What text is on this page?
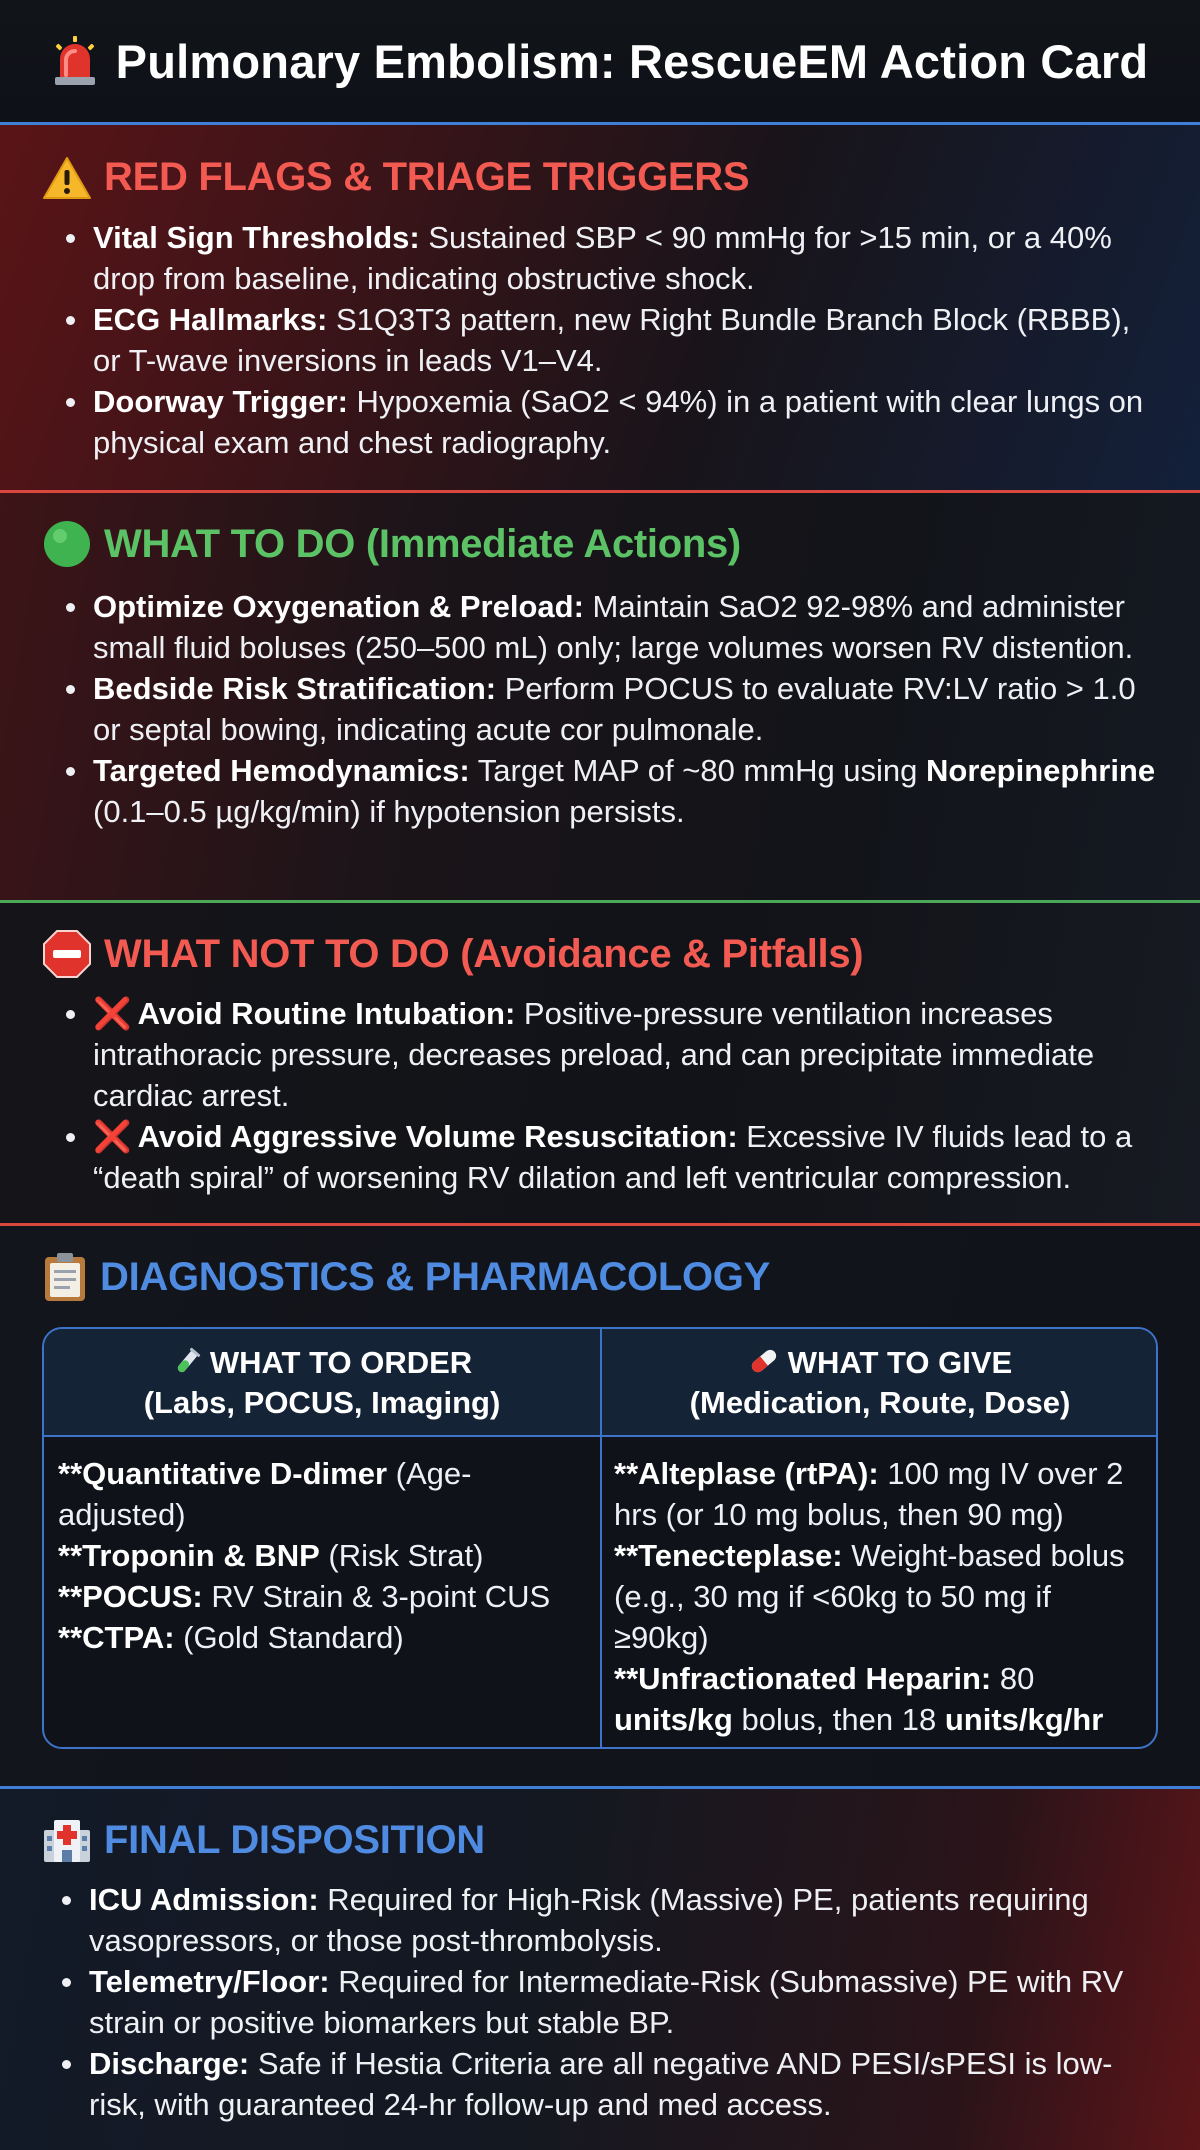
Pulmonary Embolism: RescueEM Action Card
RED FLAGS & TRIAGE TRIGGERS
Vital Sign Thresholds: Sustained SBP < 90 mmHg for >15 min, or a 40% drop from baseline, indicating obstructive shock.
ECG Hallmarks: S1Q3T3 pattern, new Right Bundle Branch Block (RBBB), or T-wave inversions in leads V1–V4.
Doorway Trigger: Hypoxemia (SaO2 < 94%) in a patient with clear lungs on physical exam and chest radiography.
WHAT TO DO (Immediate Actions)
Optimize Oxygenation & Preload: Maintain SaO2 92-98% and administer small fluid boluses (250–500 mL) only; large volumes worsen RV distention.
Bedside Risk Stratification: Perform POCUS to evaluate RV:LV ratio > 1.0 or septal bowing, indicating acute cor pulmonale.
Targeted Hemodynamics: Target MAP of ~80 mmHg using Norepinephrine (0.1–0.5 µg/kg/min) if hypotension persists.
WHAT NOT TO DO (Avoidance & Pitfalls)
❌ Avoid Routine Intubation: Positive-pressure ventilation increases intrathoracic pressure, decreases preload, and can precipitate immediate cardiac arrest.
❌ Avoid Aggressive Volume Resuscitation: Excessive IV fluids lead to a “death spiral” of worsening RV dilation and left ventricular compression.
DIAGNOSTICS & PHARMACOLOGY
WHAT TO ORDER
(Labs, POCUS, Imaging)
WHAT TO GIVE
(Medication, Route, Dose)

**Quantitative D-dimer (Age-adjusted)

**Troponin & BNP (Risk Strat)

**POCUS: RV Strain & 3-point CUS

**CTPA: (Gold Standard)

**Alteplase (rtPA): 100 mg IV over 2 hrs (or 10 mg bolus, then 90 mg)

**Tenecteplase: Weight-based bolus (e.g., 30 mg if <60kg to 50 mg if ≥90kg)

**Unfractionated Heparin: 80 units/kg bolus, then 18 units/kg/hr

FINAL DISPOSITION
ICU Admission: Required for High-Risk (Massive) PE, patients requiring vasopressors, or those post-thrombolysis.
Telemetry/Floor: Required for Intermediate-Risk (Submassive) PE with RV strain or positive biomarkers but stable BP.
Discharge: Safe if Hestia Criteria are all negative AND PESI/sPESI is low-risk, with guaranteed 24-hr follow-up and med access.
